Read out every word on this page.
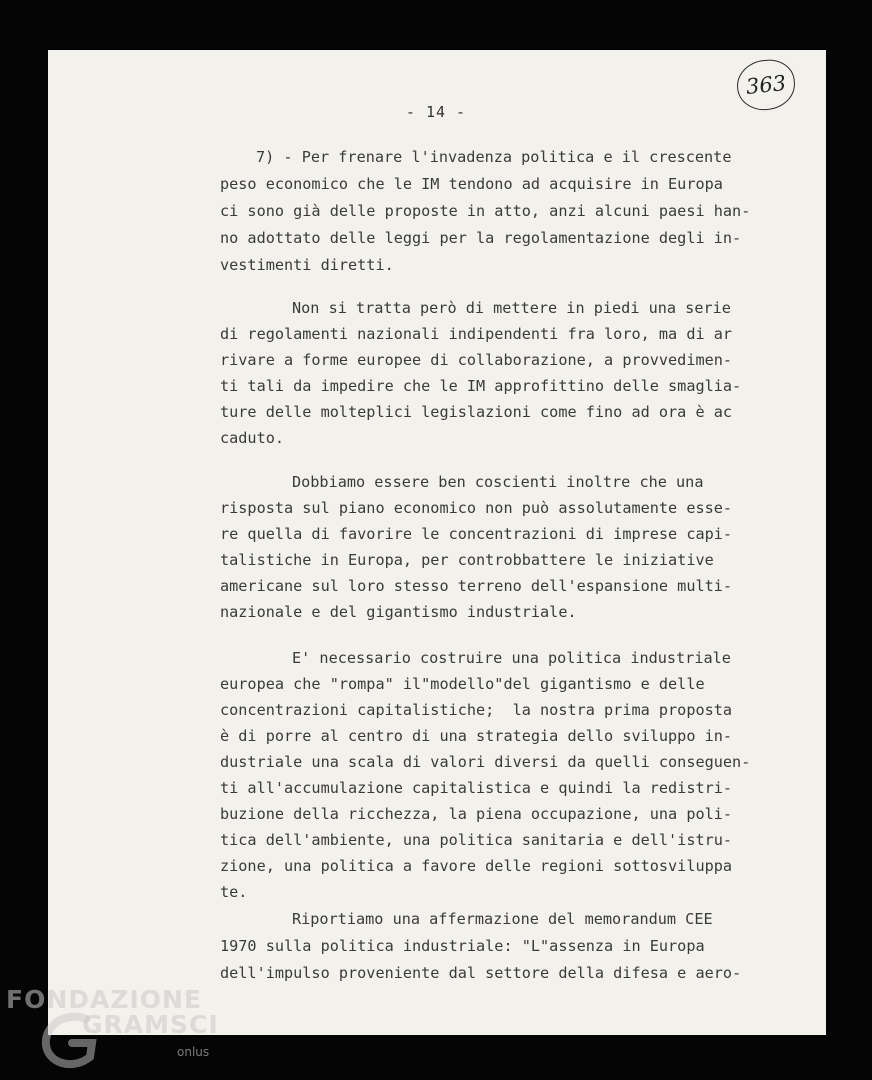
363
- 14 -
7) - Per frenare l'invadenza politica e il crescente
peso economico che le IM tendono ad acquisire in Europa
ci sono già delle proposte in atto, anzi alcuni paesi han-
no adottato delle leggi per la regolamentazione degli in-
vestimenti diretti.
Non si tratta però di mettere in piedi una serie
di regolamenti nazionali indipendenti fra loro, ma di ar
rivare a forme europee di collaborazione, a provvedimen-
ti tali da impedire che le IM approfittino delle smaglia-
ture delle molteplici legislazioni come fino ad ora è ac
caduto.
Dobbiamo essere ben coscienti inoltre che una
risposta sul piano economico non può assolutamente esse-
re quella di favorire le concentrazioni di imprese capi-
talistiche in Europa, per controbbattere le iniziative
americane sul loro stesso terreno dell'espansione multi-
nazionale e del gigantismo industriale.
E' necessario costruire una politica industriale
europea che "rompa" il"modello"del gigantismo e delle
concentrazioni capitalistiche;  la nostra prima proposta
è di porre al centro di una strategia dello sviluppo in-
dustriale una scala di valori diversi da quelli conseguen-
ti all'accumulazione capitalistica e quindi la redistri-
buzione della ricchezza, la piena occupazione, una poli-
tica dell'ambiente, una politica sanitaria e dell'istru-
zione, una politica a favore delle regioni sottosviluppa
te.
Riportiamo una affermazione del memorandum CEE
1970 sulla politica industriale: "L"assenza in Europa
dell'impulso proveniente dal settore della difesa e aero-
FONDAZIONE
GRAMSCI
onlus
